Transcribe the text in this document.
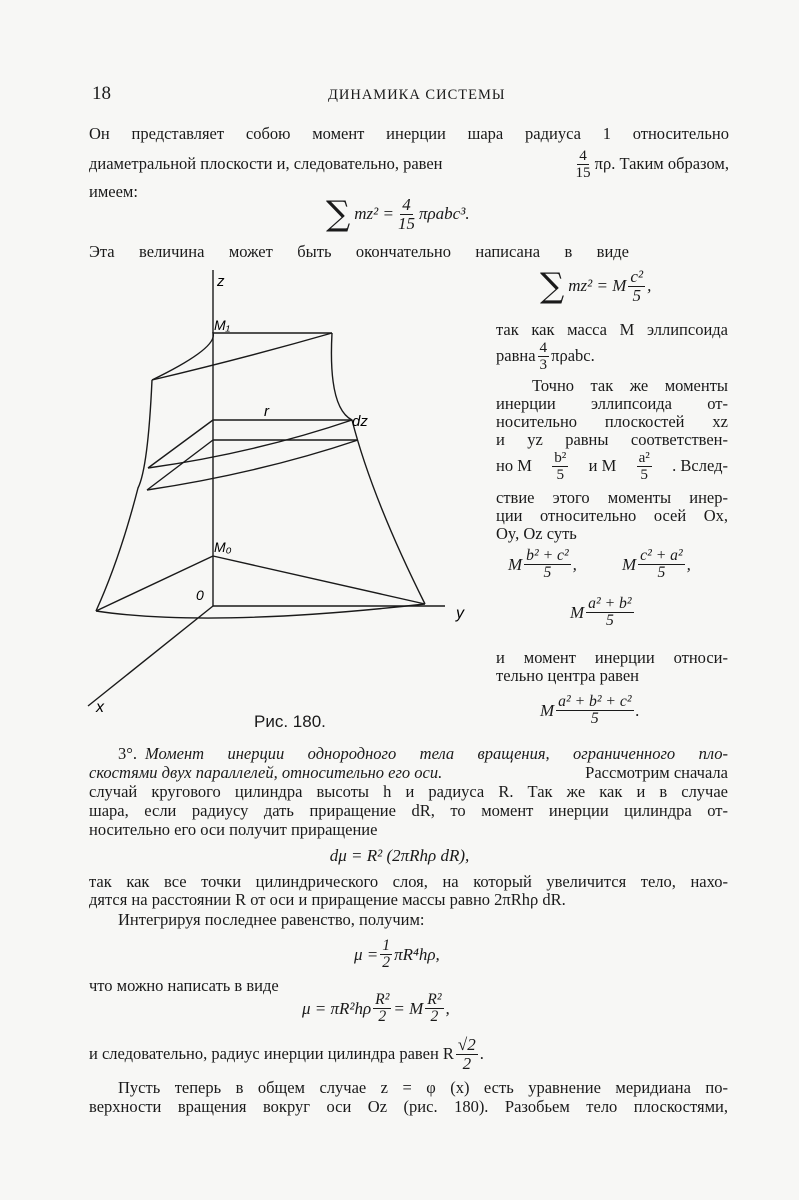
18	ДИНАМИКА СИСТЕМЫ
Он представляет собою момент инерции шара радиуса 1 относительно
диаметральной плоскости и, следовательно, равен	$\frac{4}{15} \pi\rho$. Таким образом,
имеем:
∑ $mz^2 = \frac{4}{15} \pi\rho abc^3$.
Эта величина может быть окончательно написана в виде
z
M₁
r
dz
M₀
0
y
x
Рис. 180.
∑ mz² = M $\frac{\text{c²}}{5}$ ,
так как масса M эллипсоида
равна $\frac{4}{3} \pi\rho abc$.
Точно так же моменты
инерции эллипсоида от-
носительно плоскостей xz
и yz равны соответствен-
но M $\frac{\text{b²}}{5}$ и M $\frac{\text{a²}}{5}$ . Вслед-
ствие этого моменты инер-
ции относительно осей Ox,
Oy, Oz суть
M $\frac{\text{b² + c²}}{5}$ ,	M $\frac{\text{c² + a²}}{5}$ ,
M $\frac{\text{a² + b²}}{5}$
и момент инерции относи-
тельно центра равен
M $\frac{\text{a² + b² + c²}}{5}$ .
3°. Момент инерции однородного тела вращения, ограниченного пло-
скостями двух параллелей, относительно его оси.	Рассмотрим сначала
случай кругового цилиндра высоты h и радиуса R. Так же как и в случае
шара, если радиусу дать приращение dR, то момент инерции цилиндра от-
носительно его оси получит приращение
dμ = R² (2πRhρ dR),
так как все точки цилиндрического слоя, на который увеличится тело, нахо-
дятся на расстоянии R от оси и приращение массы равно 2πRhρ dR.
Интегрируя последнее равенство, получим:
$\mu = \frac{1}{2} \pi R^4h\rho$,
что можно написать в виде
$\mu = \pi R^2h\rho \frac{\text{R²}}{2} = M \frac{\text{R²}}{2}$ ,
и следовательно, радиус инерции цилиндра равен R $\frac{√2}{2}$ .
Пусть теперь в общем случае z = φ (x) есть уравнение меридиана по-
верхности вращения вокруг оси Oz (рис. 180). Разобьем тело плоскостями,
